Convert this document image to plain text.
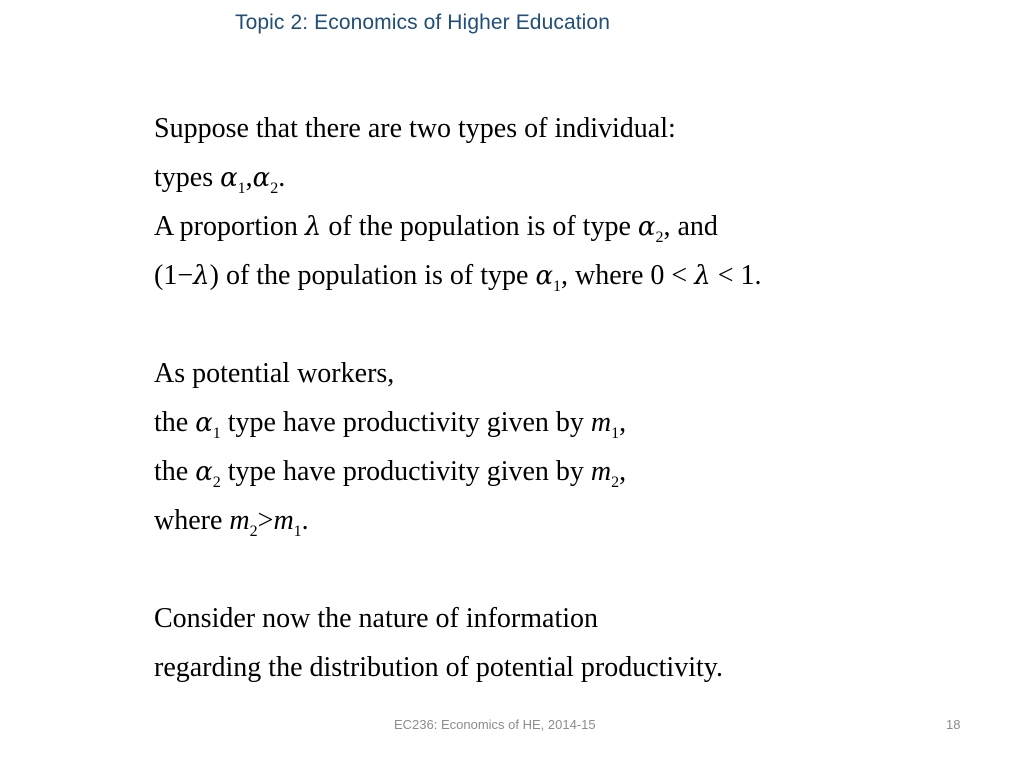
Topic 2: Economics of Higher Education
Suppose that there are two types of individual:
types $\alpha_1,\alpha_2$.
A proportion λ of the population is of type $\alpha_2$, and
(1−λ) of the population is of type $\alpha_1$, where 0 < λ < 1.
As potential workers,
the $\alpha_1$ type have productivity given by $m_1$,
the $\alpha_2$ type have productivity given by $m_2$,
where $m_2>m_1$.
Consider now the nature of information
regarding the distribution of potential productivity.
EC236: Economics of HE, 2014-15	18
